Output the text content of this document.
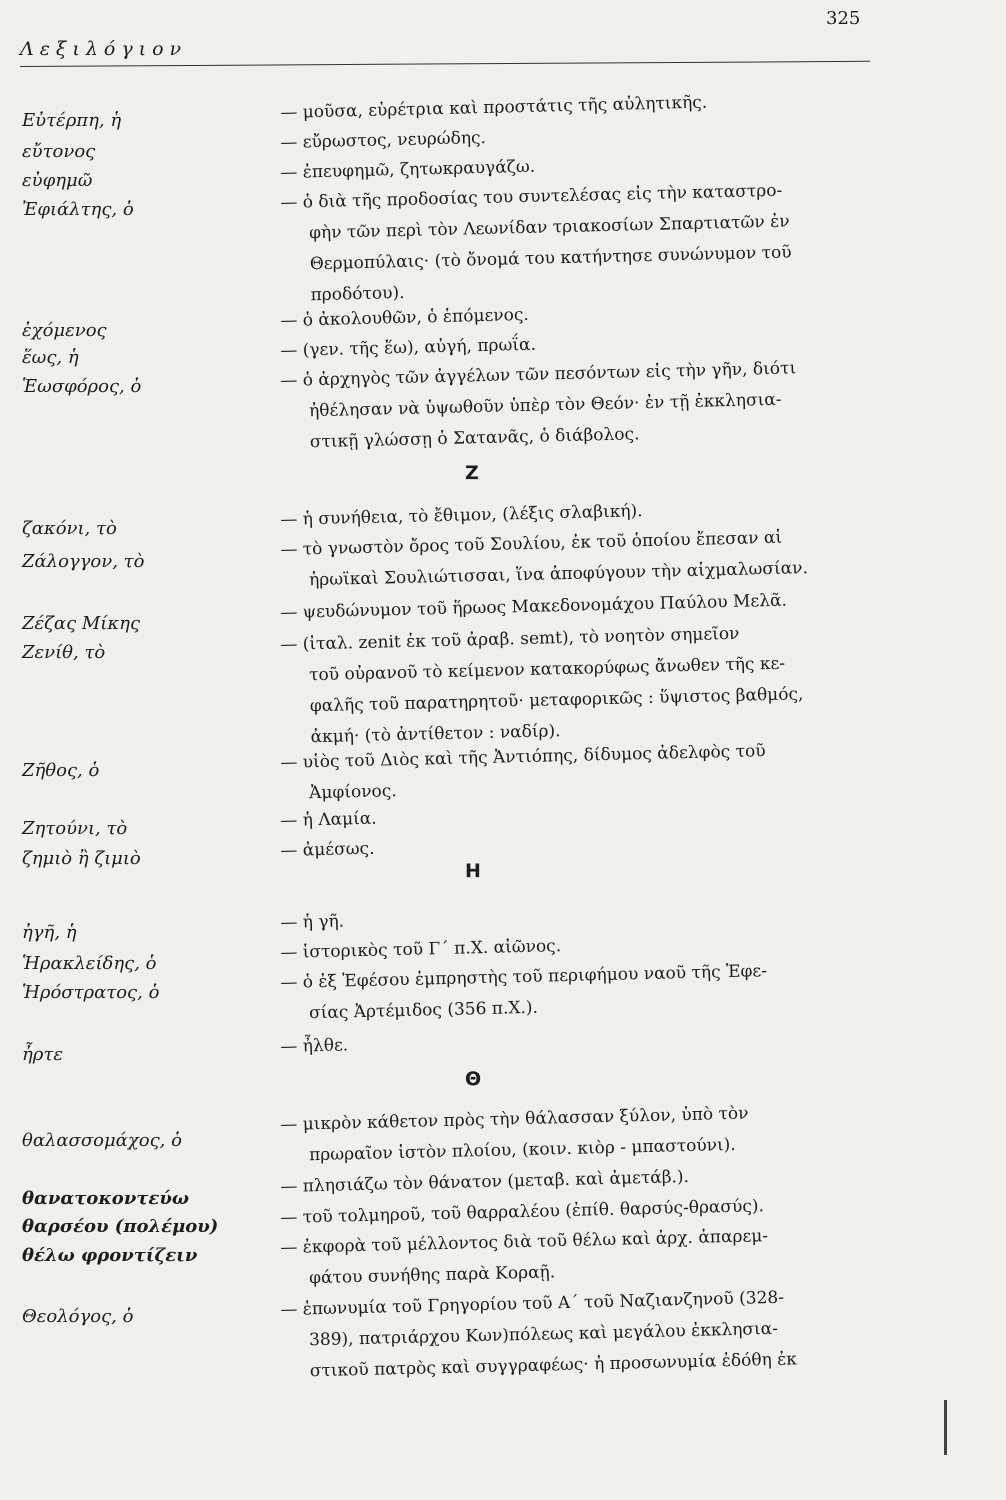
Λεξιλόγιον
325
Εὐτέρπη, ἡ
εὔτονος
εὐφημῶ
Ἐφιάλτης, ὁ
ἐχόμενος
ἕως, ἡ
Ἑωσφόρος, ὁ
ζακόνι, τὸ
Ζάλογγον, τὸ
Ζέζας Μίκης
Ζενίθ, τὸ
Ζῆθος, ὁ
Ζητούνι, τὸ
ζημιὸ ἢ ζιμιὸ
ἠγῆ, ἡ
Ἡρακλείδης, ὁ
Ἡρόστρατος, ὁ
ἦρτε
θαλασσομάχος, ὁ
θανατοκοντεύω
θαρσέου (πολέμου)
θέλω φροντίζειν
Θεολόγος, ὁ
— μοῦσα, εὑρέτρια καὶ προστάτις τῆς αὐλητικῆς.
— εὔρωστος, νευρώδης.
— ἐπευφημῶ, ζητωκραυγάζω.
— ὁ διὰ τῆς προδοσίας του συντελέσας εἰς τὴν καταστρο-
φὴν τῶν περὶ τὸν Λεωνίδαν τριακοσίων Σπαρτιατῶν ἐν
Θερμοπύλαις· (τὸ ὄνομά του κατήντησε συνώνυμον τοῦ
προδότου).
— ὁ ἀκολουθῶν, ὁ ἑπόμενος.
— (γεν. τῆς ἕω), αὐγή, πρωΐα.
— ὁ ἀρχηγὸς τῶν ἀγγέλων τῶν πεσόντων εἰς τὴν γῆν, διότι
ἠθέλησαν νὰ ὑψωθοῦν ὑπὲρ τὸν Θεόν· ἐν τῇ ἐκκλησια-
στικῇ γλώσσῃ ὁ Σατανᾶς, ὁ διάβολος.
Ζ
— ἡ συνήθεια, τὸ ἔθιμον, (λέξις σλαβική).
— τὸ γνωστὸν ὄρος τοῦ Σουλίου, ἐκ τοῦ ὁποίου ἔπεσαν αἱ
ἡρωϊκαὶ Σουλιώτισσαι, ἵνα ἀποφύγουν τὴν αἰχμαλωσίαν.
— ψευδώνυμον τοῦ ἥρωος Μακεδονομάχου Παύλου Μελᾶ.
— (ἰταλ. zenit ἐκ τοῦ ἀραβ. semt), τὸ νοητὸν σημεῖον
τοῦ οὐρανοῦ τὸ κείμενον κατακορύφως ἄνωθεν τῆς κε-
φαλῆς τοῦ παρατηρητοῦ· μεταφορικῶς : ὕψιστος βαθμός,
ἀκμή· (τὸ ἀντίθετον : ναδίρ).
— υἱὸς τοῦ Διὸς καὶ τῆς Ἀντιόπης, δίδυμος ἀδελφὸς τοῦ
Ἀμφίονος.
— ἡ Λαμία.
— ἀμέσως.
Η
— ἡ γῆ.
— ἱστορικὸς τοῦ Γ΄ π.Χ. αἰῶνος.
— ὁ ἐξ Ἐφέσου ἐμπρηστὴς τοῦ περιφήμου ναοῦ τῆς Ἐφε-
σίας Ἀρτέμιδος (356 π.Χ.).
— ἦλθε.
Θ
— μικρὸν κάθετον πρὸς τὴν θάλασσαν ξύλον, ὑπὸ τὸν
πρωραῖον ἱστὸν πλοίου, (κοιν. κιὸρ - μπαστούνι).
— πλησιάζω τὸν θάνατον (μεταβ. καὶ ἀμετάβ.).
— τοῦ τολμηροῦ, τοῦ θαρραλέου (ἐπίθ. θαρσύς-θρασύς).
— ἐκφορὰ τοῦ μέλλοντος διὰ τοῦ θέλω καὶ ἀρχ. ἀπαρεμ-
φάτου συνήθης παρὰ Κοραῇ.
— ἐπωνυμία τοῦ Γρηγορίου τοῦ Α΄ τοῦ Ναζιανζηνοῦ (328-
389), πατριάρχου Κων)πόλεως καὶ μεγάλου ἐκκλησια-
στικοῦ πατρὸς καὶ συγγραφέως· ἡ προσωνυμία ἐδόθη ἐκ
